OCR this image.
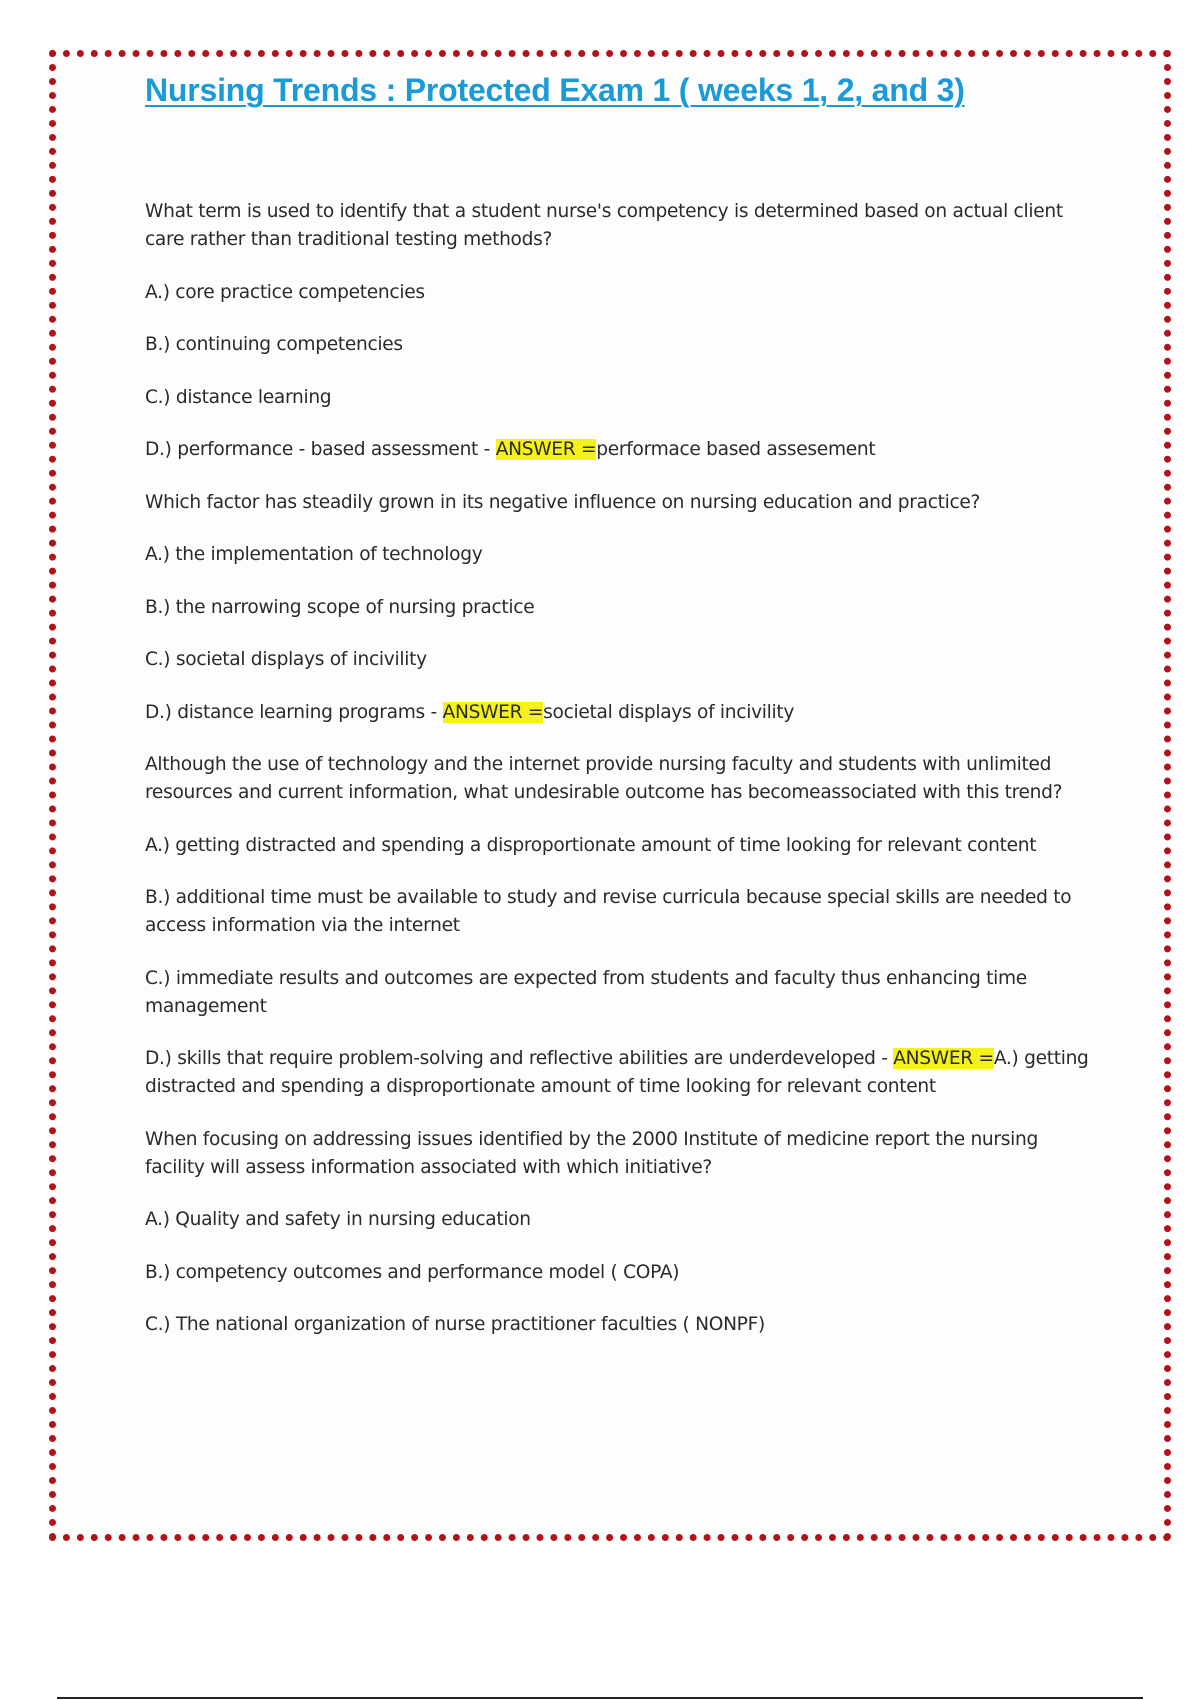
Nursing Trends : Protected Exam 1 ( weeks 1, 2, and 3)

What term is used to identify that a student nurse's competency is determined based on actual client care rather than traditional testing methods?

A.) core practice competencies

B.) continuing competencies

C.) distance learning

D.) performance - based assessment - ANSWER =performace based assesement

Which factor has steadily grown in its negative influence on nursing education and practice?

A.) the implementation of technology

B.) the narrowing scope of nursing practice

C.) societal displays of incivility

D.) distance learning programs - ANSWER =societal displays of incivility

Although the use of technology and the internet provide nursing faculty and students with unlimited resources and current information, what undesirable outcome has becomeassociated with this trend?

A.) getting distracted and spending a disproportionate amount of time looking for relevant content

B.) additional time must be available to study and revise curricula because special skills are needed to access information via the internet

C.) immediate results and outcomes are expected from students and faculty thus enhancing time management

D.) skills that require problem-solving and reflective abilities are underdeveloped - ANSWER =A.) getting distracted and spending a disproportionate amount of time looking for relevant content

When focusing on addressing issues identified by the 2000 Institute of medicine report the nursing facility will assess information associated with which initiative?

A.) Quality and safety in nursing education

B.) competency outcomes and performance model ( COPA)

C.) The national organization of nurse practitioner faculties ( NONPF)
